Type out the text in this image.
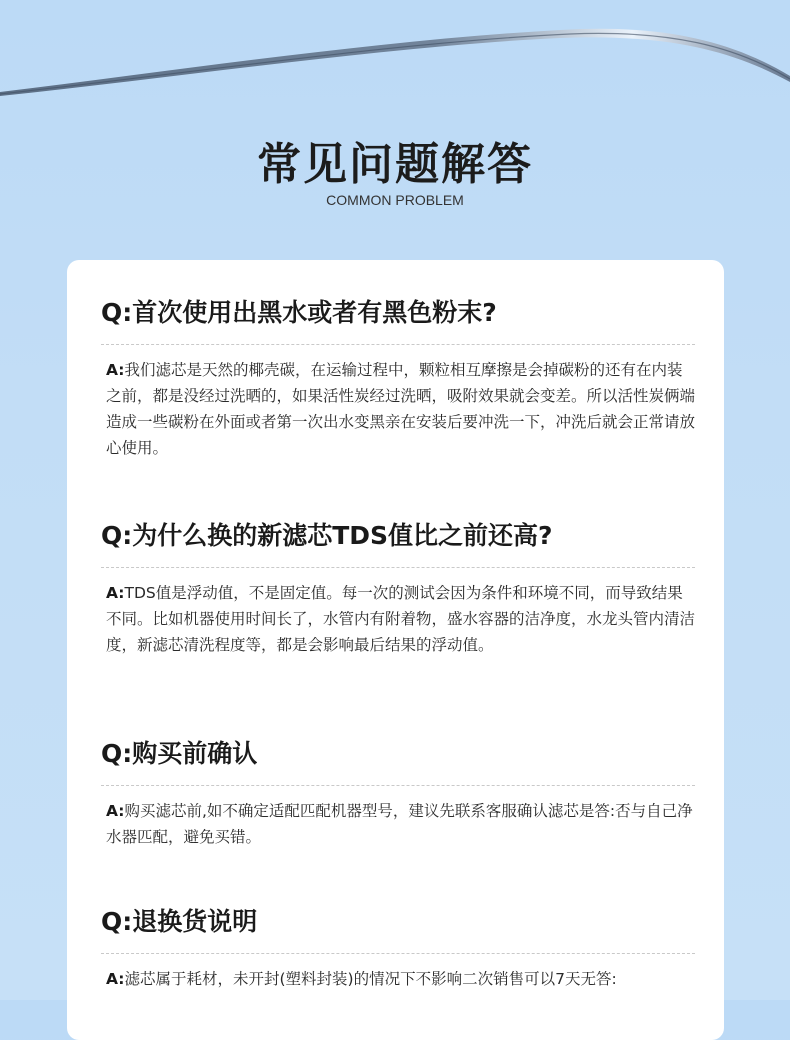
常见问题解答
COMMON PROBLEM

Q:首次使用出黑水或者有黑色粉末?

A:我们滤芯是天然的椰壳碳，在运输过程中，颗粒相互摩擦是会掉碳粉的还有在内装之前，都是没经过洗晒的，如果活性炭经过洗晒，吸附效果就会变差。所以活性炭俩端造成一些碳粉在外面或者第一次出水变黑亲在安装后要冲洗一下，冲洗后就会正常请放心使用。

Q:为什么换的新滤芯TDS值比之前还高?

A:TDS值是浮动值，不是固定值。每一次的测试会因为条件和环境不同，而导致结果不同。比如机器使用时间长了，水管内有附着物，盛水容器的洁净度，水龙头管内清洁度，新滤芯清洗程度等，都是会影响最后结果的浮动值。

Q:购买前确认

A:购买滤芯前,如不确定适配匹配机器型号，建议先联系客服确认滤芯是答:否与自己净水器匹配，避免买错。

Q:退换货说明

A:滤芯属于耗材，未开封(塑料封装)的情况下不影响二次销售可以7天无答:
